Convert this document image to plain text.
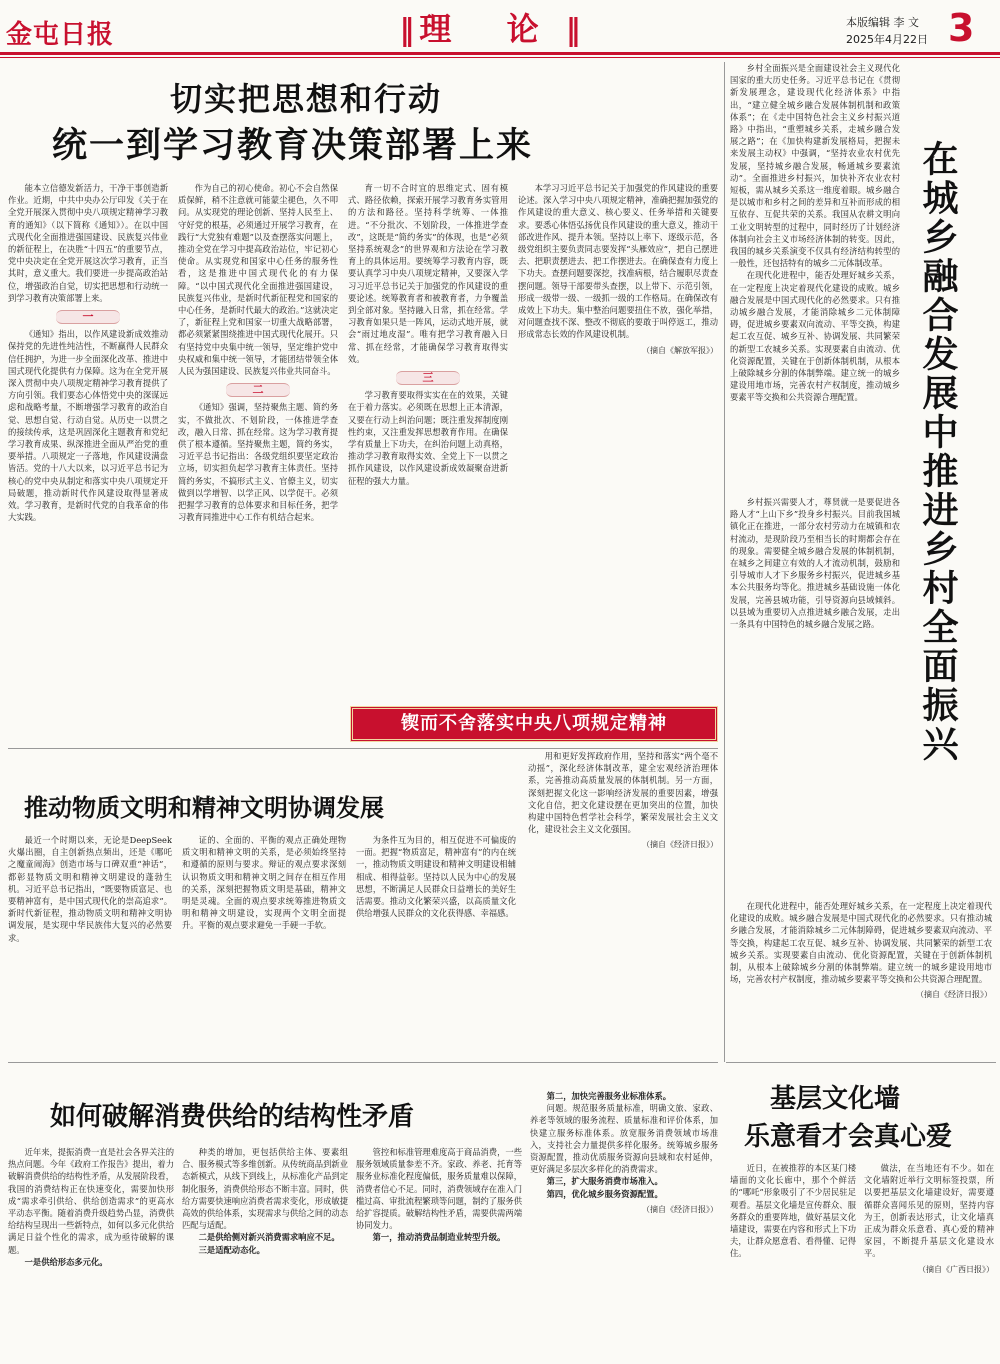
金屯日报	‖ 理 论 ‖	本版编辑 李 文
2025年4月22日 3
切实把思想和行动
统一到学习教育决策部署上来

能本立信德发新活力，干净干事创造新作业。近期，中共中央办公厅印发《关于在全党开展深入贯彻中央八项规定精神学习教育的通知》（以下简称《通知》）。在以中国式现代化全面推进强国建设、民族复兴伟业的新征程上，在决胜“十四五”的重要节点，党中央决定在全党开展这次学习教育，正当其时，意义重大。我们要进一步提高政治站位，增强政治自觉，切实把思想和行动统一到学习教育决策部署上来。

一

《通知》指出，以作风建设新成效推动保持党的先进性纯洁性，不断赢得人民群众信任拥护，为进一步全面深化改革、推进中国式现代化提供有力保障。这为在全党开展深入贯彻中央八项规定精神学习教育提供了方向引领。我们要态心体悟党中央的深谋远虑和战略考量，不断增强学习教育的政治自觉、思想自觉、行动自觉。从历史一以贯之的接续传承，这是巩固深化主题教育和党纪学习教育成果、纵深推进全面从严治党的重要举措。八项规定一子落地，作风建设满盘皆活。党的十八大以来，以习近平总书记为核心的党中央从制定和落实中央八项规定开局破题，推动新时代作风建设取得显著成效。学习教育，是新时代党的自我革命的伟大实践。

作为自己的初心使命。初心不会自然保质保鲜，稍不注意就可能蒙尘褪色，久不叩问。从实现党的理论创新、坚持人民至上、守好党的根基，必须通过开展学习教育，在践行“大党独有难题”以及查摆落实问题上，推动全党在学习中提高政治站位，牢记初心使命。从实现党和国家中心任务的服务性看，这是推进中国式现代化的有力保障。“以中国式现代化全面推进强国建设，民族复兴伟业，是新时代新征程党和国家的中心任务，是新时代最大的政治。”这就决定了，新征程上党和国家一切重大战略部署，都必须紧紧围绕推进中国式现代化展开。只有坚持党中央集中统一领导，坚定维护党中央权威和集中统一领导，才能团结带领全体人民为强国建设、民族复兴伟业共同奋斗。

二

《通知》强调，坚持聚焦主题、简约务实，不做批次、不划阶段，一体推进学查改，融入日常、抓在经常。这为学习教育提供了根本遵循。坚持聚焦主题，简约务实，习近平总书记指出：各级党组织要坚定政治立场，切实担负起学习教育主体责任。坚持简约务实，不搞形式主义、官僚主义，切实做到以学增智、以学正风、以学促干。必须把握学习教育的总体要求和目标任务，把学习教育同推进中心工作有机结合起来。

育一切不合时宜的思维定式、固有模式、路径依赖，探索开展学习教育务实管用的方法和路径。坚持科学统筹、一体推进。“不分批次、不划阶段，一体推进学查改”，这既是“简约务实”的体现，也是“必须坚持系统观念”的世界观和方法论在学习教育上的具体运用。要统筹学习教育内容，既要认真学习中央八项规定精神，又要深入学习习近平总书记关于加强党的作风建设的重要论述。统筹教育者和被教育者，力争覆盖到全部对象。坚持融入日常，抓在经常。学习教育如果只是一阵风，运动式地开展，就会“雨过地皮湿”。唯有把学习教育融入日常、抓在经常，才能确保学习教育取得实效。

三

学习教育要取得实实在在的效果，关键在于着力落实。必须既在思想上正本清源，又要在行动上纠治问题；既注重发挥制度刚性约束，又注重发挥思想教育作用。在确保学有质量上下功夫，在纠治问题上动真格，推动学习教育取得实效、全党上下一以贯之抓作风建设，以作风建设新成效凝聚奋进新征程的强大力量。

本学习习近平总书记关于加强党的作风建设的重要论述。深入学习中央八项规定精神，准确把握加强党的作风建设的重大意义、核心要义、任务举措和关键要求。要悉心体悟弘扬优良作风建设的重大意义，推动干部改进作风、提升本领。坚持以上率下、逐级示范，各级党组织主要负责同志要发挥“头雁效应”，把自己摆进去、把职责摆进去、把工作摆进去。在确保查有力度上下功夫。查摆问题要深挖，找准病根，结合履职尽责查摆问题。领导干部要带头查摆，以上带下、示范引领，形成一级带一级、一级抓一级的工作格局。在确保改有成效上下功夫。集中整治问题要扭住不放，强化举措，对问题查找不深、整改不彻底的要敢于叫停返工，推动形成常态长效的作风建设机制。

（摘自《解放军报》）
锲而不舍落实中央八项规定精神

乡村全面振兴是全面建设社会主义现代化国家的重大历史任务。习近平总书记在《贯彻新发展理念，建设现代化经济体系》中指出，“建立健全城乡融合发展体制机制和政策体系”；在《走中国特色社会主义乡村振兴道路》中指出，“重塑城乡关系，走城乡融合发展之路”；在《加快构建新发展格局，把握未来发展主动权》中强调，“坚持农业农村优先发展，坚持城乡融合发展，畅通城乡要素流动”。全面推进乡村振兴，加快补齐农业农村短板，需从城乡关系这一维度着眼。城乡融合是以城市和乡村之间的差异和互补而形成的相互依存、互促共荣的关系。我国从农耕文明向工业文明转型的过程中，同时经历了计划经济体制向社会主义市场经济体制的转变。因此，我国的城乡关系演变不仅具有经济结构转型的一般性，还包括特有的城乡二元体制改革。

在现代化进程中，能否处理好城乡关系，在一定程度上决定着现代化建设的成败。城乡融合发展是中国式现代化的必然要求。只有推动城乡融合发展，才能消除城乡二元体制障碍，促进城乡要素双向流动、平等交换，构建起工农互促、城乡互补、协调发展、共同繁荣的新型工农城乡关系。实现要素自由流动、优化资源配置，关键在于创新体制机制，从根本上破除城乡分割的体制弊端。建立统一的城乡建设用地市场，完善农村产权制度，推动城乡要素平等交换和公共资源合理配置。	在城乡融合发展中推进乡村全面振兴

乡村振兴需要人才，尊贤就一是要促进各路人才“上山下乡”投身乡村振兴。目前我国城镇化正在推进，一部分农村劳动力在城镇和农村流动，是现阶段乃至相当长的时期都会存在的现象。需要健全城乡融合发展的体制机制，在城乡之间建立有效的人才流动机制，鼓励和引导城市人才下乡服务乡村振兴，促进城乡基本公共服务均等化。推进城乡基础设施一体化发展，完善县城功能，引导资源向县域倾斜。以县域为重要切入点推进城乡融合发展，走出一条具有中国特色的城乡融合发展之路。

在现代化进程中，能否处理好城乡关系，在一定程度上决定着现代化建设的成败。城乡融合发展是中国式现代化的必然要求。只有推动城乡融合发展，才能消除城乡二元体制障碍，促进城乡要素双向流动、平等交换，构建起工农互促、城乡互补、协调发展、共同繁荣的新型工农城乡关系。实现要素自由流动、优化资源配置，关键在于创新体制机制，从根本上破除城乡分割的体制弊端。建立统一的城乡建设用地市场，完善农村产权制度，推动城乡要素平等交换和公共资源合理配置。

（摘自《经济日报》）
推动物质文明和精神文明协调发展

最近一个时期以来，无论是DeepSeek火爆出圈，自主创新热点频出，还是《哪吒之魔童闹海》创造市场与口碑双重“神话”，都彰显物质文明和精神文明建设的蓬勃生机。习近平总书记指出，“既要物质富足、也要精神富有，是中国式现代化的崇高追求”。新时代新征程，推动物质文明和精神文明协调发展，是实现中华民族伟大复兴的必然要求。

证的、全面的、平衡的观点正确处理物质文明和精神文明的关系，是必须始终坚持和遵循的原则与要求。辩证的观点要求深刻认识物质文明和精神文明之间存在相互作用的关系，深刻把握物质文明是基础，精神文明是灵魂。全面的观点要求统筹推进物质文明和精神文明建设，实现两个文明全面提升。平衡的观点要求避免一手硬一手软。

为条件互为目的，相互促进不可偏废的一面。把握“物质富足，精神富有”的内在统一，推动物质文明建设和精神文明建设相辅相成、相得益彰。坚持以人民为中心的发展思想，不断满足人民群众日益增长的美好生活需要。推动文化繁荣兴盛，以高质量文化供给增强人民群众的文化获得感、幸福感。

用和更好发挥政府作用，坚持和落实“两个毫不动摇”，深化经济体制改革，建全宏观经济治理体系，完善推动高质量发展的体制机制。另一方面，深刻把握文化这一影响经济发展的重要因素，增强文化自信，把文化建设摆在更加突出的位置，加快构建中国特色哲学社会科学，繁荣发展社会主义文化，建设社会主义文化强国。

（摘自《经济日报》）
基层文化墙
乐意看才会真心爱

近日，在被推荐的本区某门楼墙面的文化长廊中，那个个鲜活的“哪吒”形象吸引了不少居民驻足观看。基层文化墙是宣传群众、服务群众的重要阵地，做好基层文化墙建设，需要在内容和形式上下功夫，让群众愿意看、看得懂、记得住。

做法，在当地还有不少。如在文化墙附近举行文明标签投票，所以要把基层文化墙建设好，需要遵循群众喜闻乐见的原则，坚持内容为王，创新表达形式，让文化墙真正成为群众乐意看、真心爱的精神家园，不断提升基层文化建设水平。

（摘自《广西日报》）
如何破解消费供给的结构性矛盾

近年来，提振消费一直是社会各界关注的热点问题。今年《政府工作报告》提出，着力破解消费供给的结构性矛盾，从发展阶段看，我国的消费结构正在快速变化，需要加快形成“需求牵引供给、供给创造需求”的更高水平动态平衡。随着消费升级趋势凸显，消费供给结构呈现出一些新特点，如何以多元化供给满足日益个性化的需求，成为亟待破解的课题。

一是供给形态多元化。

种类的增加，更包括供给主体、要素组合、服务模式等多维创新。从传统商品到新业态新模式，从线下到线上，从标准化产品到定制化服务，消费供给形态不断丰富。同时，供给方需要快速响应消费者需求变化，形成敏捷高效的供给体系，实现需求与供给之间的动态匹配与适配。

二是供给侧对新兴消费需求响应不足。

三是适配动态化。

管控和标准管理难度高于商品消费，一些服务领域质量参差不齐。家政、养老、托育等服务业标准化程度偏低，服务质量难以保障，消费者信心不足。同时，消费领域存在准入门槛过高、审批流程繁琐等问题，制约了服务供给扩容提质。破解结构性矛盾，需要供需两端协同发力。

第一，推动消费品制造业转型升级。

第二，加快完善服务业标准体系。

问题。规范服务质量标准，明确文旅、家政、养老等领域的服务流程、质量标准和评价体系，加快建立服务标准体系。放宽服务消费领域市场准入，支持社会力量提供多样化服务。统筹城乡服务资源配置，推动优质服务资源向县域和农村延伸，更好满足多层次多样化的消费需求。

第三，扩大服务消费市场准入。

第四，优化城乡服务资源配置。

（摘自《经济日报》）
